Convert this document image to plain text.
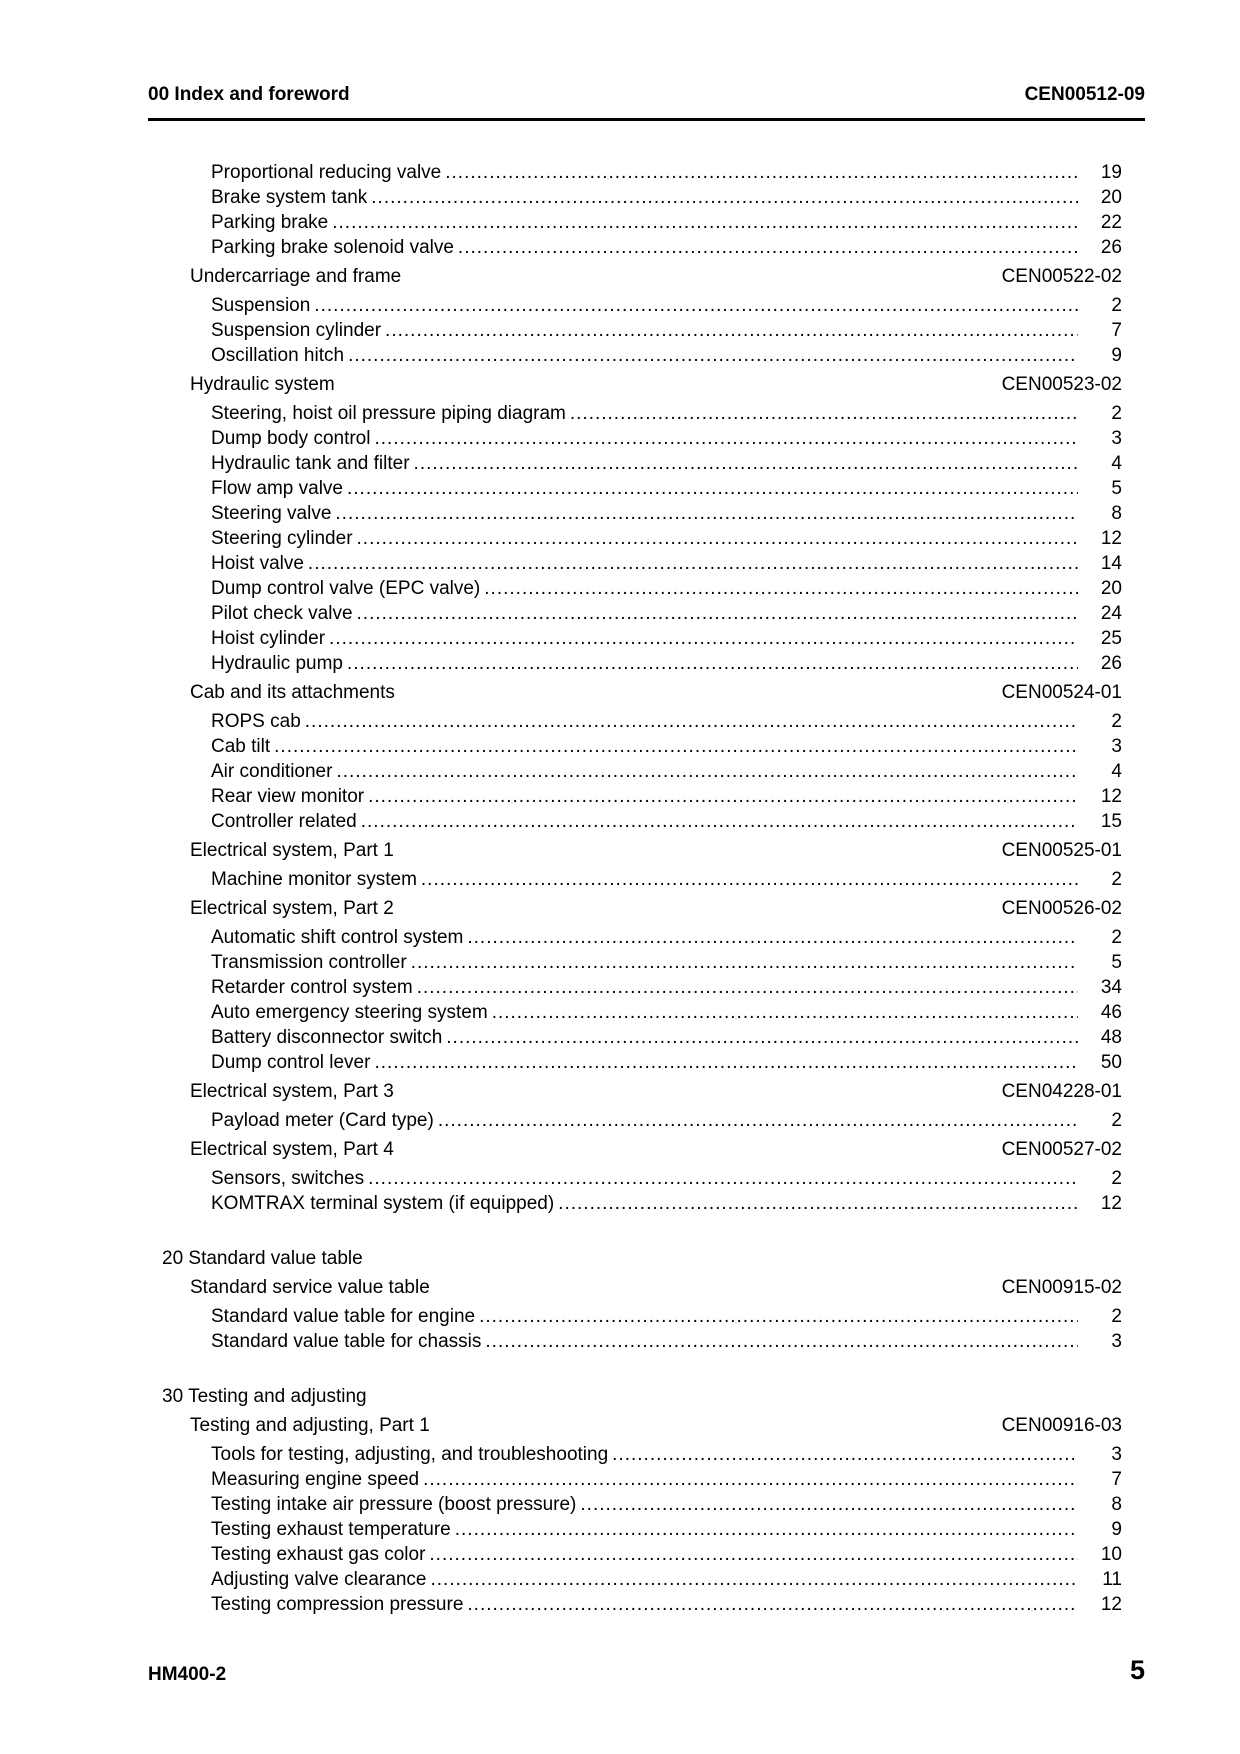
00 Index and foreword	CEN00512-09
Proportional reducing valve .....	19
Brake system tank .....	20
Parking brake .....	22
Parking brake solenoid valve .....	26
Undercarriage and frame	CEN00522-02
Suspension .....	2
Suspension cylinder .....	7
Oscillation hitch .....	9
Hydraulic system	CEN00523-02
Steering, hoist oil pressure piping diagram .....	2
Dump body control .....	3
Hydraulic tank and filter .....	4
Flow amp valve .....	5
Steering valve .....	8
Steering cylinder .....	12
Hoist valve .....	14
Dump control valve (EPC valve) .....	20
Pilot check valve .....	24
Hoist cylinder .....	25
Hydraulic pump .....	26
Cab and its attachments	CEN00524-01
ROPS cab .....	2
Cab tilt .....	3
Air conditioner .....	4
Rear view monitor .....	12
Controller related .....	15
Electrical system, Part 1	CEN00525-01
Machine monitor system .....	2
Electrical system, Part 2	CEN00526-02
Automatic shift control system .....	2
Transmission controller .....	5
Retarder control system .....	34
Auto emergency steering system .....	46
Battery disconnector switch .....	48
Dump control lever .....	50
Electrical system, Part 3	CEN04228-01
Payload meter (Card type) .....	2
Electrical system, Part 4	CEN00527-02
Sensors, switches .....	2
KOMTRAX terminal system (if equipped) .....	12
20 Standard value table
Standard service value table	CEN00915-02
Standard value table for engine .....	2
Standard value table for chassis .....	3
30 Testing and adjusting
Testing and adjusting, Part 1	CEN00916-03
Tools for testing, adjusting, and troubleshooting .....	3
Measuring engine speed .....	7
Testing intake air pressure (boost pressure) .....	8
Testing exhaust temperature .....	9
Testing exhaust gas color .....	10
Adjusting valve clearance .....	11
Testing compression pressure .....	12
HM400-2	5
